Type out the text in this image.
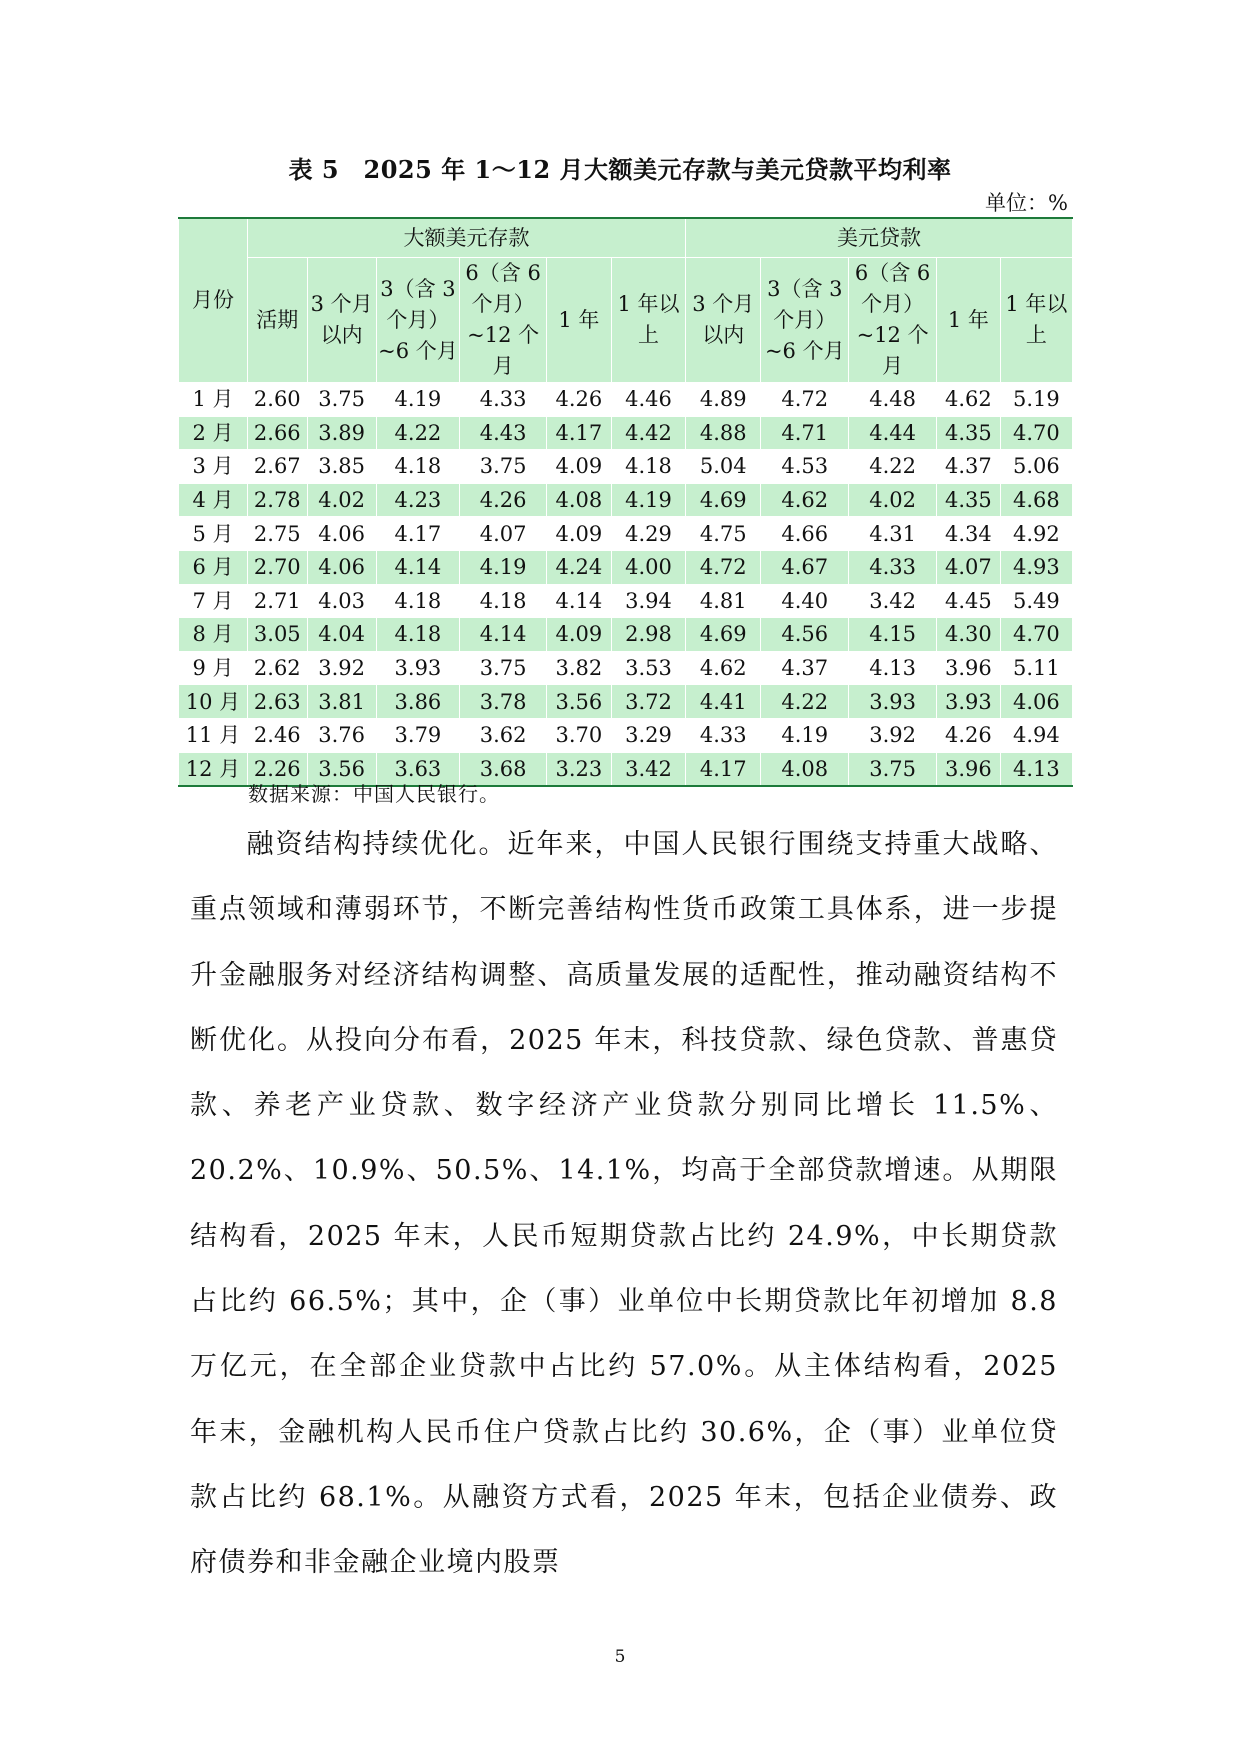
表 5　2025 年 1～12 月大额美元存款与美元贷款平均利率
单位：%
月份	大额美元存款						美元贷款				
	活期	3 个月以内	3（含 3 个月）~6 个月	6（含 6 个月）~12 个月	1 年	1 年以上	3 个月以内	3（含 3 个月）~6 个月	6（含 6 个月）~12 个月	1 年	1 年以上
1 月	2.60	3.75	4.19	4.33	4.26	4.46	4.89	4.72	4.48	4.62	5.19
2 月	2.66	3.89	4.22	4.43	4.17	4.42	4.88	4.71	4.44	4.35	4.70
3 月	2.67	3.85	4.18	3.75	4.09	4.18	5.04	4.53	4.22	4.37	5.06
4 月	2.78	4.02	4.23	4.26	4.08	4.19	4.69	4.62	4.02	4.35	4.68
5 月	2.75	4.06	4.17	4.07	4.09	4.29	4.75	4.66	4.31	4.34	4.92
6 月	2.70	4.06	4.14	4.19	4.24	4.00	4.72	4.67	4.33	4.07	4.93
7 月	2.71	4.03	4.18	4.18	4.14	3.94	4.81	4.40	3.42	4.45	5.49
8 月	3.05	4.04	4.18	4.14	4.09	2.98	4.69	4.56	4.15	4.30	4.70
9 月	2.62	3.92	3.93	3.75	3.82	3.53	4.62	4.37	4.13	3.96	5.11
10 月	2.63	3.81	3.86	3.78	3.56	3.72	4.41	4.22	3.93	3.93	4.06
11 月	2.46	3.76	3.79	3.62	3.70	3.29	4.33	4.19	3.92	4.26	4.94
12 月	2.26	3.56	3.63	3.68	3.23	3.42	4.17	4.08	3.75	3.96	4.13
数据来源：中国人民银行。
融资结构持续优化。近年来，中国人民银行围绕支持重大战略、重点领域和薄弱环节，不断完善结构性货币政策工具体系，进一步提升金融服务对经济结构调整、高质量发展的适配性，推动融资结构不断优化。从投向分布看，2025 年末，科技贷款、绿色贷款、普惠贷款、养老产业贷款、数字经济产业贷款分别同比增长 11.5%、20.2%、10.9%、50.5%、14.1%，均高于全部贷款增速。从期限结构看，2025 年末，人民币短期贷款占比约 24.9%，中长期贷款占比约 66.5%；其中，企（事）业单位中长期贷款比年初增加 8.8 万亿元，在全部企业贷款中占比约 57.0%。从主体结构看，2025 年末，金融机构人民币住户贷款占比约 30.6%，企（事）业单位贷款占比约 68.1%。从融资方式看，2025 年末，包括企业债券、政府债券和非金融企业境内股票
5
